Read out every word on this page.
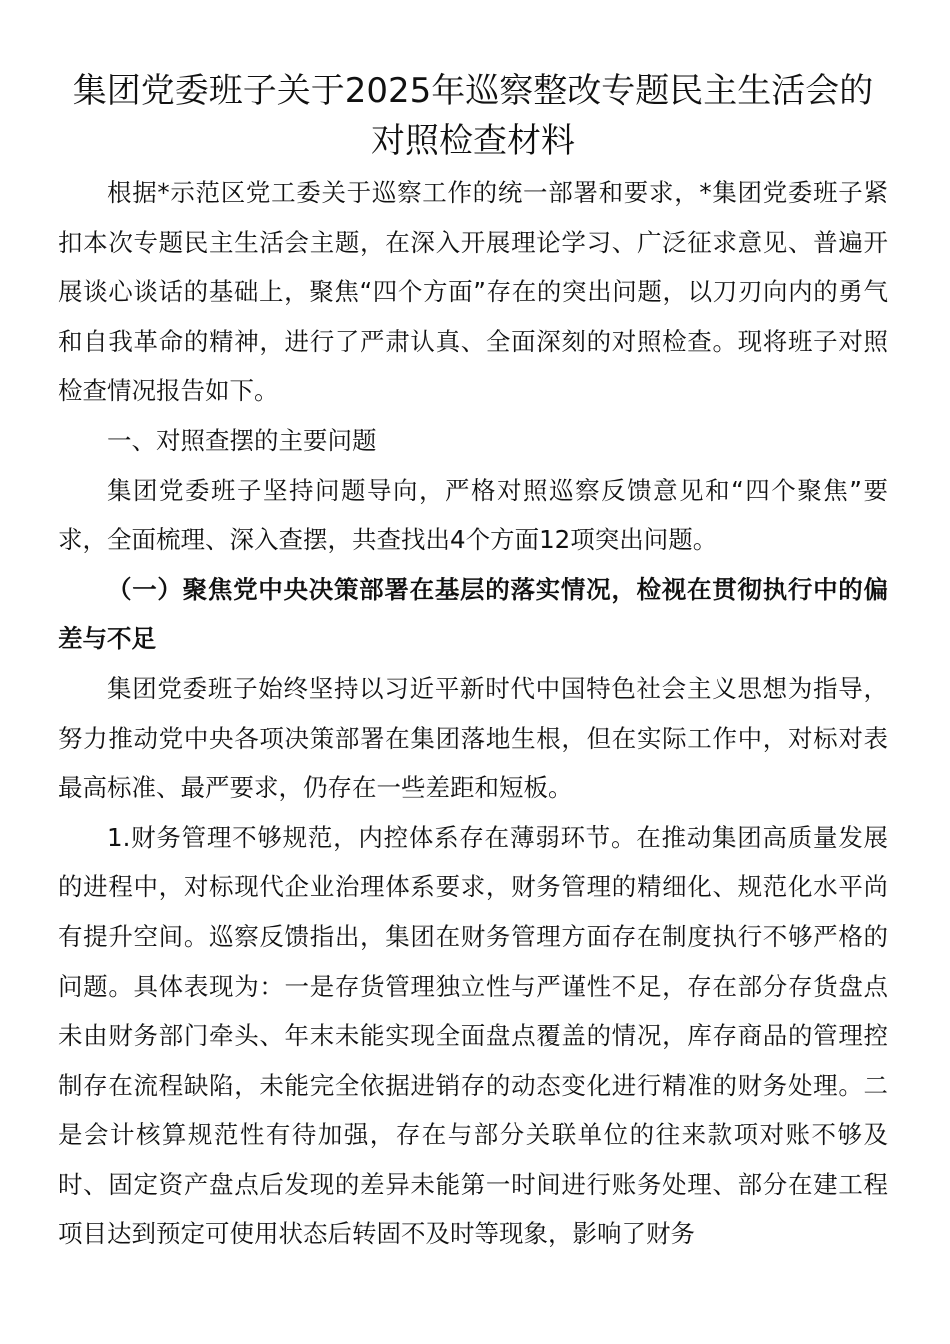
集团党委班子关于2025年巡察整改专题民主生活会的对照检查材料

根据*示范区党工委关于巡察工作的统一部署和要求，*集团党委班子紧扣本次专题民主生活会主题，在深入开展理论学习、广泛征求意见、普遍开展谈心谈话的基础上，聚焦“四个方面”存在的突出问题，以刀刃向内的勇气和自我革命的精神，进行了严肃认真、全面深刻的对照检查。现将班子对照检查情况报告如下。

一、对照查摆的主要问题

集团党委班子坚持问题导向，严格对照巡察反馈意见和“四个聚焦”要求，全面梳理、深入查摆，共查找出4个方面12项突出问题。

（一）聚焦党中央决策部署在基层的落实情况，检视在贯彻执行中的偏差与不足

集团党委班子始终坚持以习近平新时代中国特色社会主义思想为指导，努力推动党中央各项决策部署在集团落地生根，但在实际工作中，对标对表最高标准、最严要求，仍存在一些差距和短板。

1.财务管理不够规范，内控体系存在薄弱环节。在推动集团高质量发展的进程中，对标现代企业治理体系要求，财务管理的精细化、规范化水平尚有提升空间。巡察反馈指出，集团在财务管理方面存在制度执行不够严格的问题。具体表现为：一是存货管理独立性与严谨性不足，存在部分存货盘点未由财务部门牵头、年末未能实现全面盘点覆盖的情况，库存商品的管理控制存在流程缺陷，未能完全依据进销存的动态变化进行精准的财务处理。二是会计核算规范性有待加强，存在与部分关联单位的往来款项对账不够及时、固定资产盘点后发现的差异未能第一时间进行账务处理、部分在建工程项目达到预定可使用状态后转固不及时等现象，影响了财务
